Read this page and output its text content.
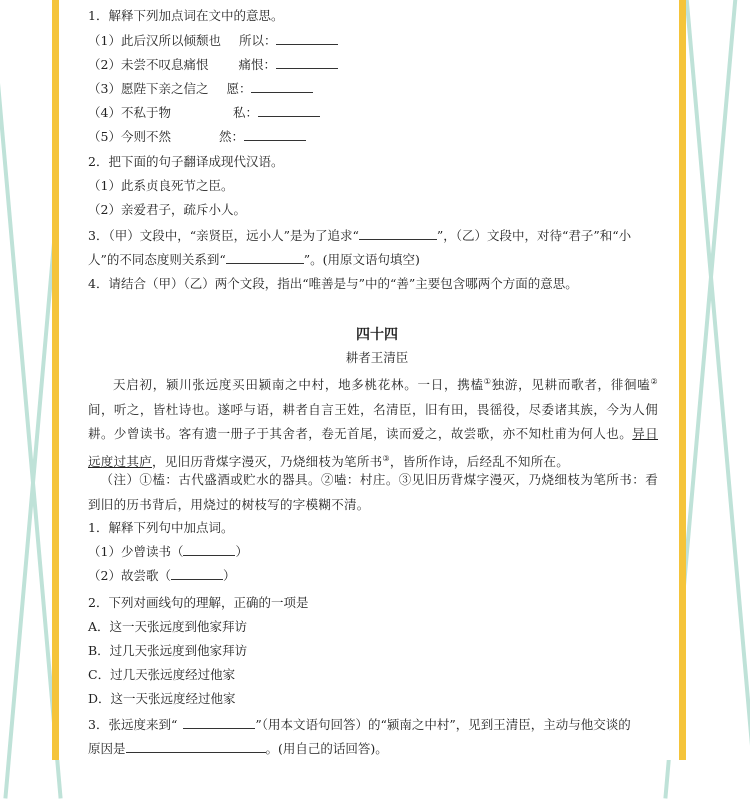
1．解释下列加点词在文中的意思。
（1）此后汉所以倾颓也 所以：
（2）未尝不叹息痛恨 痛恨：
（3）愿陛下亲之信之 愿：
（4）不私于物	私：
（5）今则不然	然：
2．把下面的句子翻译成现代汉语。
（1）此系贞良死节之臣。
（2）亲爱君子，疏斥小人。
3．（甲）文段中，“亲贤臣，远小人”是为了追求“	”，（乙）文段中，对待“君子”和“小
人”的不同态度则关系到“	”。(用原文语句填空)
4．请结合（甲）（乙）两个文段，指出“唯善是与”中的“善”主要包含哪两个方面的意思。
四十四
耕者王清臣
天启初，颍川张远度买田颍南之中村，地多桃花林。一日，携榼①独游，见耕而歌者，徘徊嗑②间，听之，皆杜诗也。遂呼与语，耕者自言王姓，名清臣，旧有田，畏徭役，尽委诸其族，今为人佣耕。少曾读书。客有遗一册子于其舍者，卷无首尾，读而爱之，故尝歌，亦不知杜甫为何人也。异日远度过其庐，见旧历背煤字漫灭，乃烧细枝为笔所书③，皆所作诗，后经乱不知所在。
（注）①榼：古代盛酒或贮水的器具。②嗑：村庄。③见旧历背煤字漫灭，乃烧细枝为笔所书：看到旧的历书背后，用烧过的树枝写的字模糊不清。
1．解释下列句中加点词。
（1）少曾读书（	）
（2）故尝歌（	）
2．下列对画线句的理解，正确的一项是
A．这一天张远度到他家拜访
B．过几天张远度到他家拜访
C．过几天张远度经过他家
D．这一天张远度经过他家
3．张远度来到“	”（用本文语句回答）的“颍南之中村”，见到王清臣，主动与他交谈的
原因是	。(用自己的话回答)。
